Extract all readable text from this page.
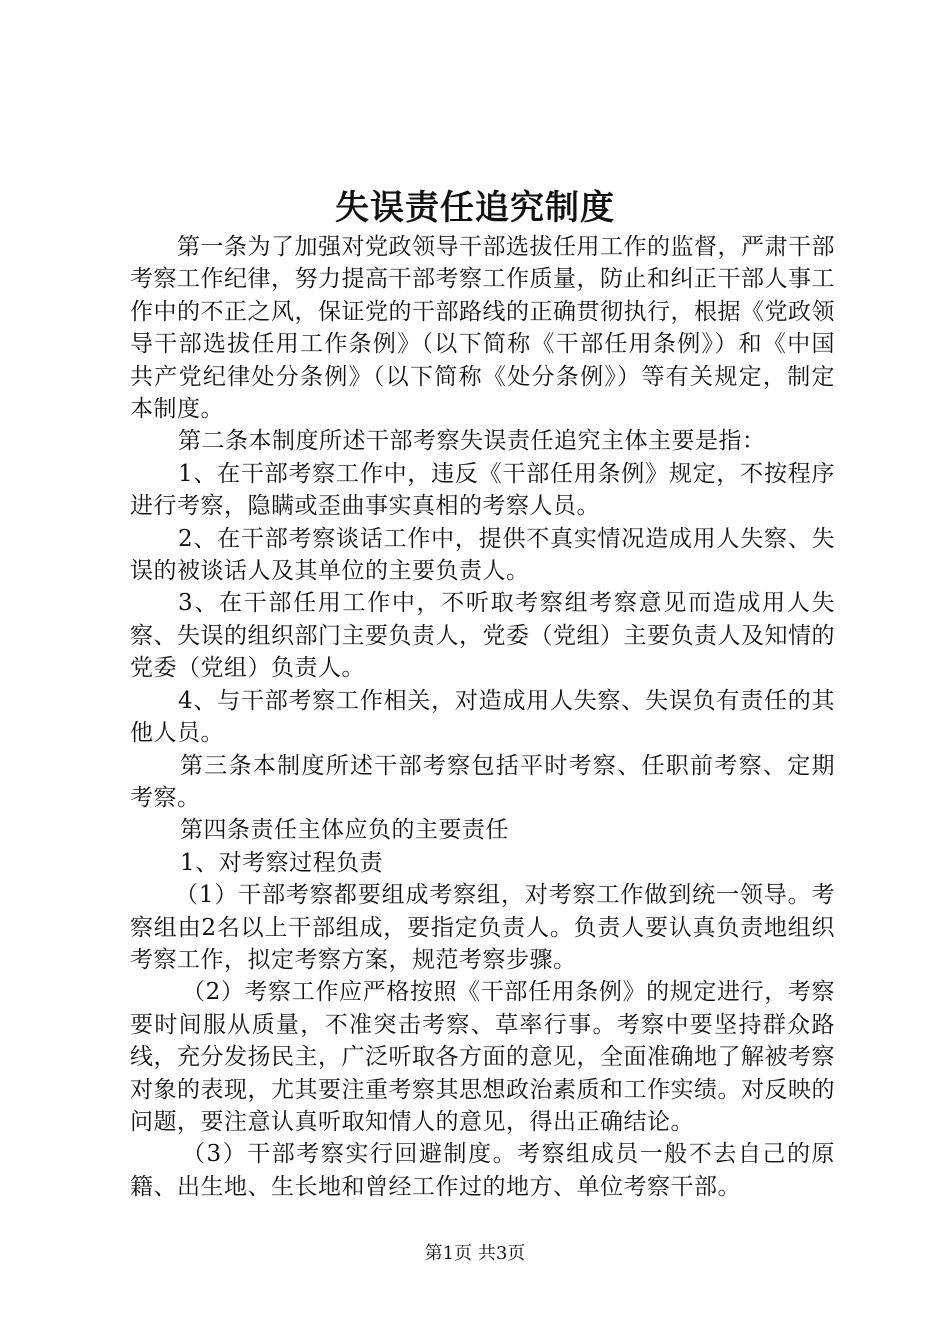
失误责任追究制度

第一条为了加强对党政领导干部选拔任用工作的监督，严肃干部考察工作纪律，努力提高干部考察工作质量，防止和纠正干部人事工作中的不正之风，保证党的干部路线的正确贯彻执行，根据《党政领导干部选拔任用工作条例》（以下简称《干部任用条例》）和《中国共产党纪律处分条例》（以下简称《处分条例》）等有关规定，制定本制度。

第二条本制度所述干部考察失误责任追究主体主要是指：

1、在干部考察工作中，违反《干部任用条例》规定，不按程序进行考察，隐瞒或歪曲事实真相的考察人员。

2、在干部考察谈话工作中，提供不真实情况造成用人失察、失误的被谈话人及其单位的主要负责人。

3、在干部任用工作中，不听取考察组考察意见而造成用人失察、失误的组织部门主要负责人，党委（党组）主要负责人及知情的党委（党组）负责人。

4、与干部考察工作相关，对造成用人失察、失误负有责任的其他人员。

第三条本制度所述干部考察包括平时考察、任职前考察、定期考察。

第四条责任主体应负的主要责任

1、对考察过程负责

（1）干部考察都要组成考察组，对考察工作做到统一领导。考察组由2名以上干部组成，要指定负责人。负责人要认真负责地组织考察工作，拟定考察方案，规范考察步骤。

（2）考察工作应严格按照《干部任用条例》的规定进行，考察要时间服从质量，不准突击考察、草率行事。考察中要坚持群众路线，充分发扬民主，广泛听取各方面的意见，全面准确地了解被考察对象的表现，尤其要注重考察其思想政治素质和工作实绩。对反映的问题，要注意认真听取知情人的意见，得出正确结论。

（3）干部考察实行回避制度。考察组成员一般不去自己的原籍、出生地、生长地和曾经工作过的地方、单位考察干部。

第1页 共3页
